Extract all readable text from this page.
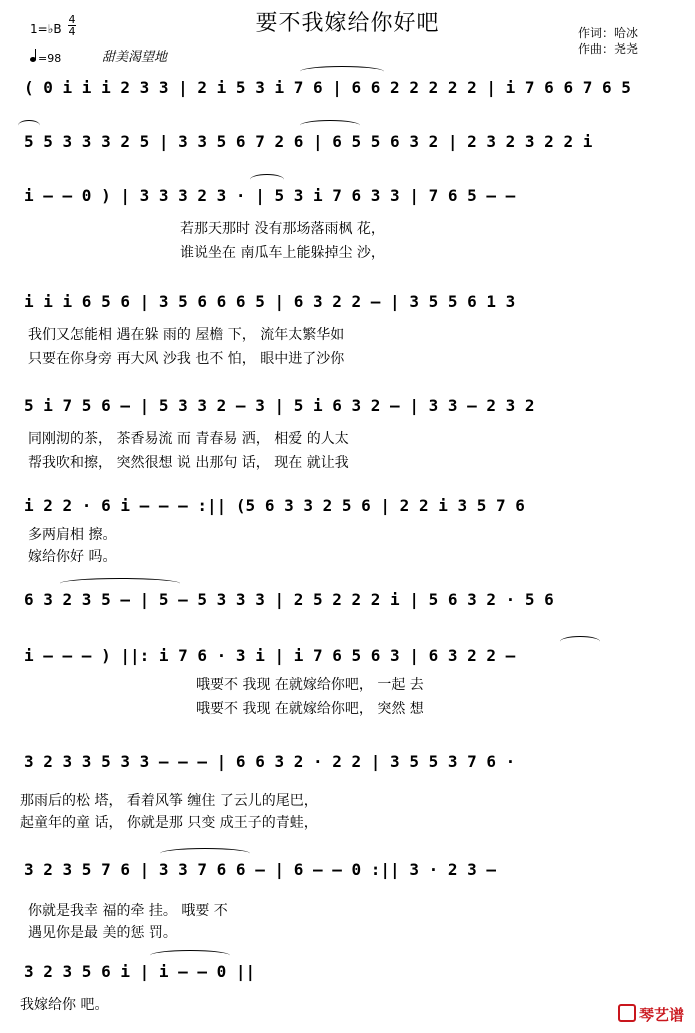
要不我嫁给你好吧	作词：哈冰
作曲：尧尧
1=♭B
4
4
=98	甜美渴望地
( 0 i i i 2 3 3 | 2 i 5 3 i 7 6 | 6 6 2 2 2 2 2 | i 7 6 6 7 6 5
5 5 3 3 3 2 5 | 3 3 5 6 7 2 6 | 6 5 5 6 3 2 | 2 3 2 3 2 2 i
i – – 0 ) | 3 3 3 2 3 · | 5 3 i 7 6 3 3 | 7 6 5 – –
i i i 6 5 6 | 3 5 6 6 6 5 | 6 3 2 2 – | 3 5 5 6 1 3
5 i 7 5 6 – | 5 3 3 2 – 3 | 5 i 6 3 2 – | 3 3 – 2 3 2
i 2 2 · 6 i – – – :|| (5 6 3 3 2 5 6 | 2 2 i 3 5 7 6
6 3 2 3 5 – | 5 – 5 3 3 3 | 2 5 2 2 2 i | 5 6 3 2 · 5 6
i – – – ) ||: i 7 6 · 3 i | i 7 6 5 6 3 | 6 3 2 2 –
3 2 3 3 5 3 3 – – – | 6 6 3 2 · 2 2 | 3 5 5 3 7 6 ·
3 2 3 5 7 6 | 3 3 7 6 6 – | 6 – – 0 :|| 3 · 2 3 –
3 2 3 5 6 i | i – – 0 ||
若那天那时 没有那场落雨枫 花，
谁说坐在 南瓜车上能躲掉尘 沙，
我们又怎能相 遇在躲 雨的 屋檐 下， 流年太繁华如
只要在你身旁 再大风 沙我 也不 怕， 眼中进了沙你
同刚沏的茶， 茶香易流 而 青春易 洒， 相爱 的人太
帮我吹和擦， 突然很想 说 出那句 话， 现在 就让我
多两肩相 擦。
嫁给你好 吗。
哦要不 我现 在就嫁给你吧， 一起 去
哦要不 我现 在就嫁给你吧， 突然 想
那雨后的松 塔， 看着风筝 缠住 了云儿的尾巴，
起童年的童 话， 你就是那 只变 成王子的青蛙，
你就是我幸 福的牵 挂。 哦要 不
遇见你是最 美的惩 罚。
我嫁给你 吧。
琴艺谱
